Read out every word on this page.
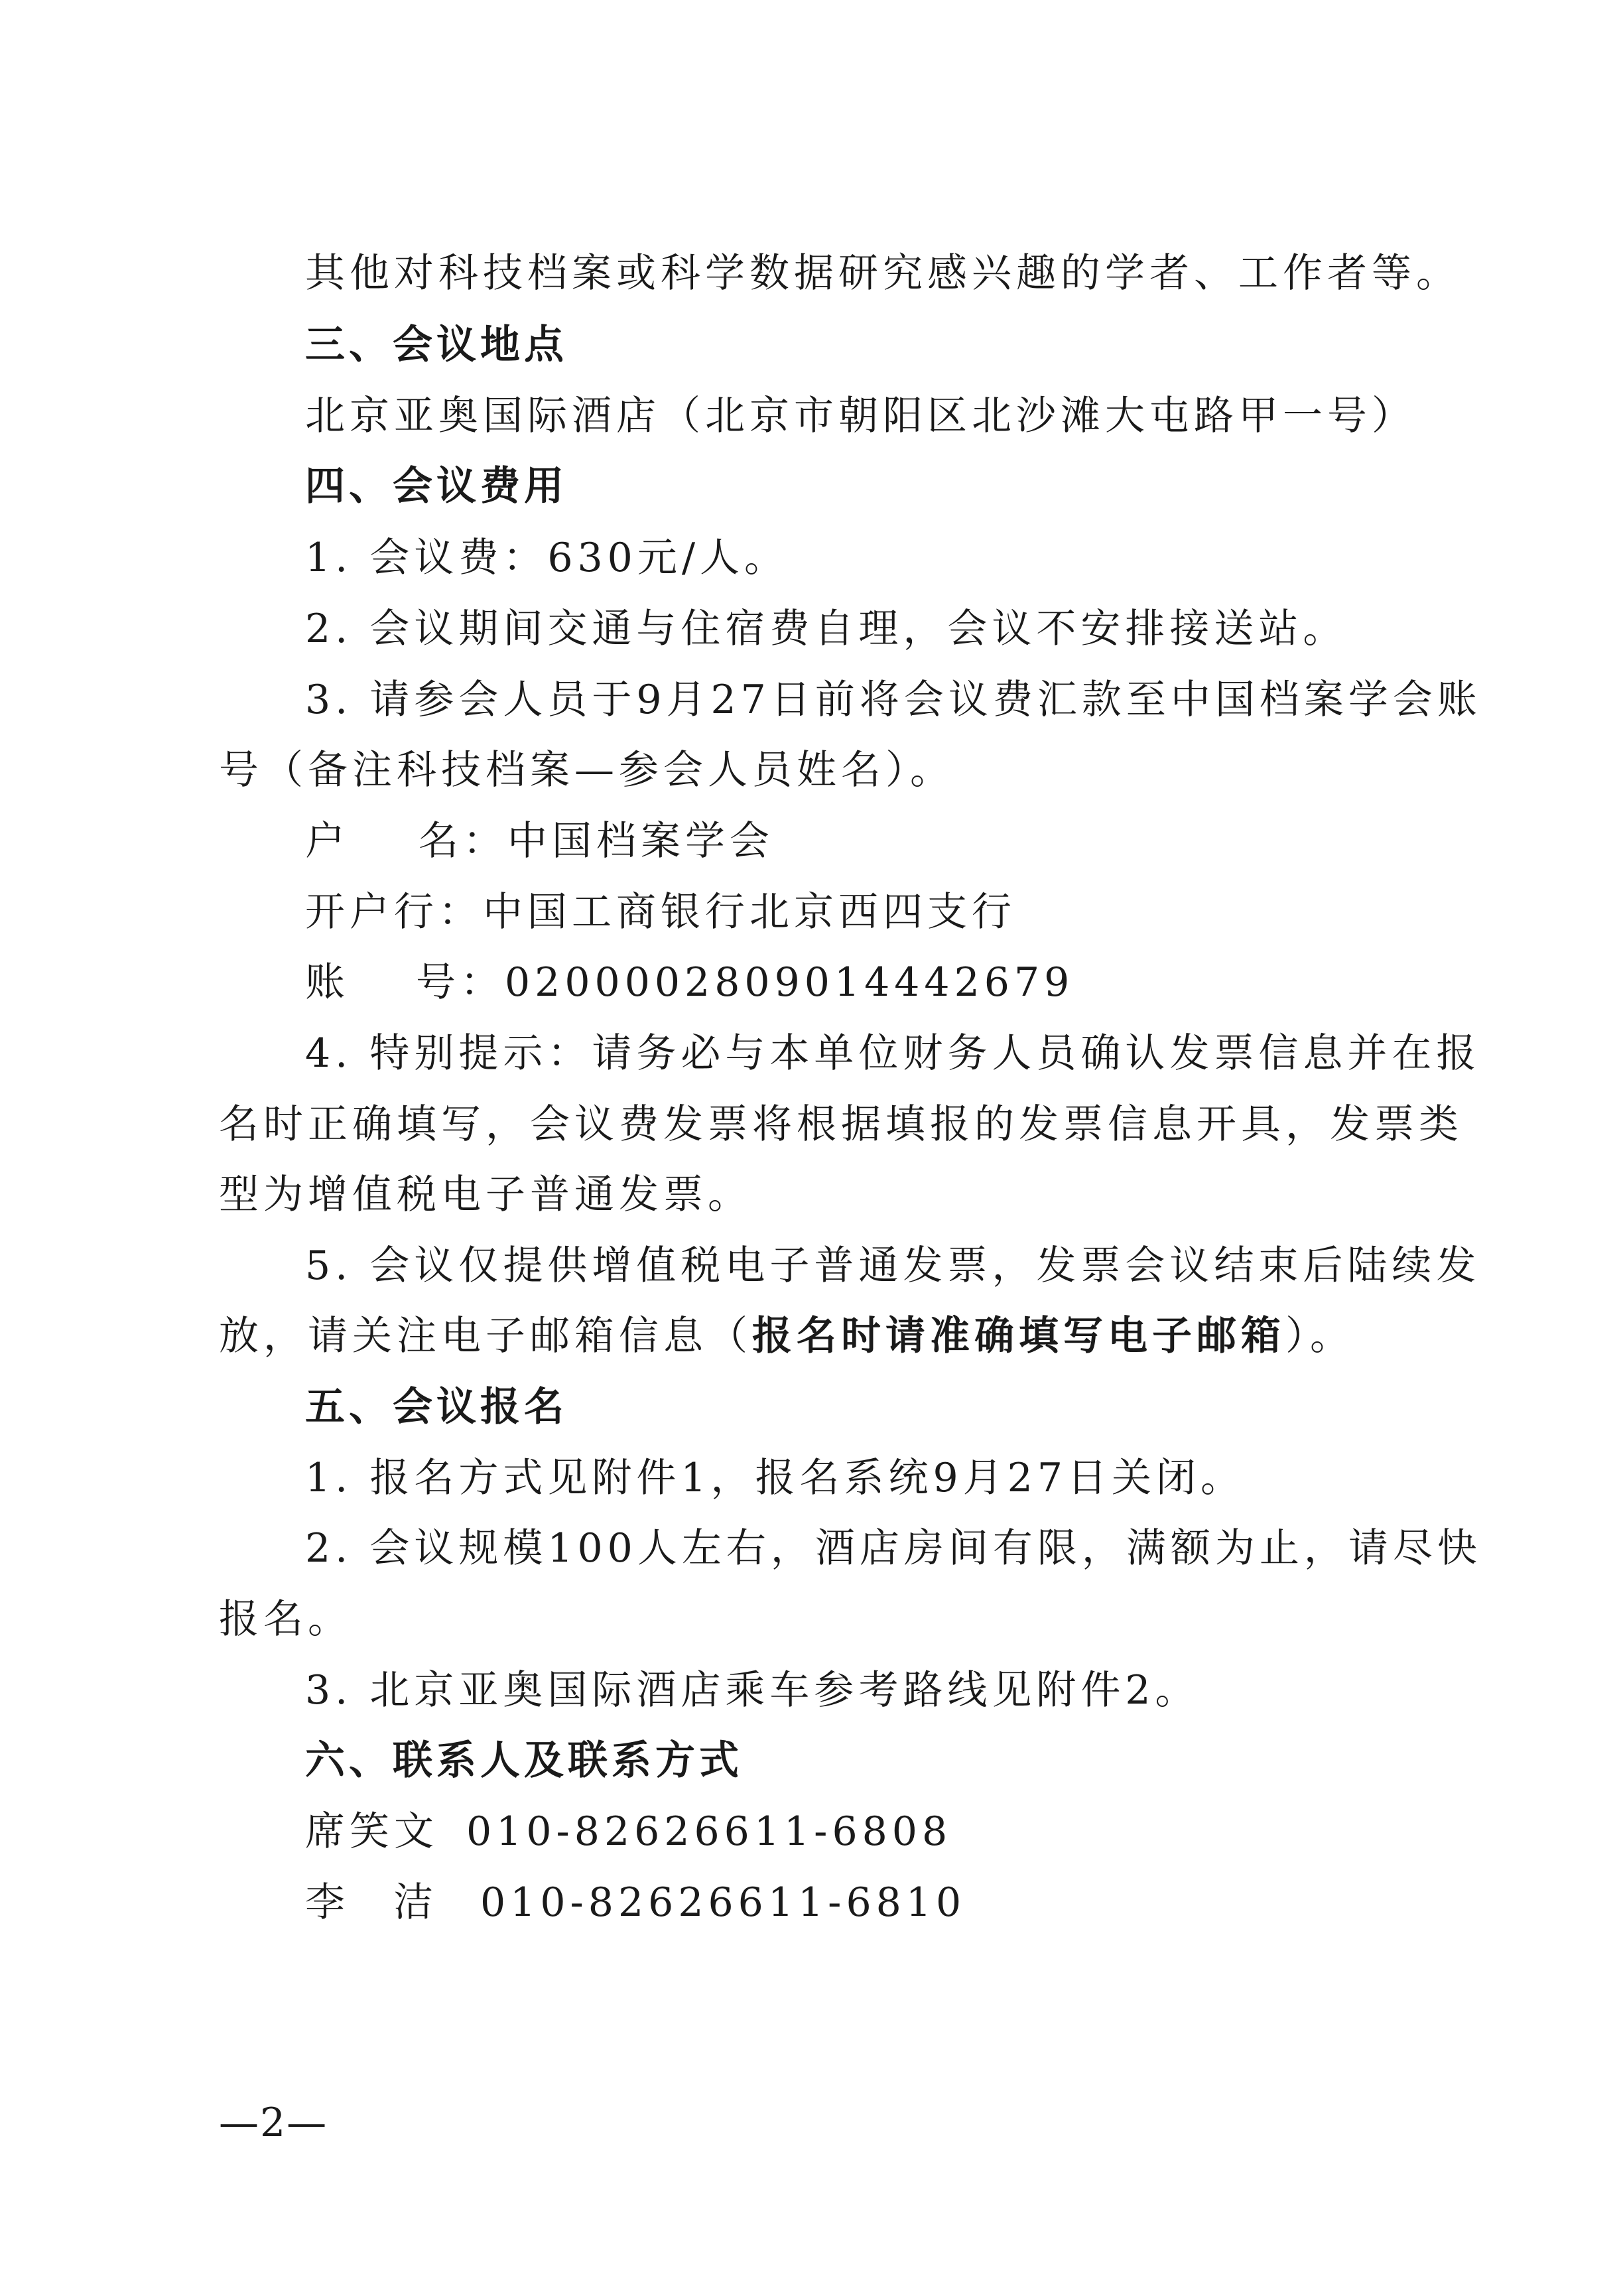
其他对科技档案或科学数据研究感兴趣的学者、工作者等。
三、会议地点
北京亚奥国际酒店（北京市朝阳区北沙滩大屯路甲一号）
四、会议费用
1. 会议费：630元/人。
2. 会议期间交通与住宿费自理，会议不安排接送站。
3. 请参会人员于9月27日前将会议费汇款至中国档案学会账
号（备注科技档案—参会人员姓名）。
户 名：中国档案学会
开户行：中国工商银行北京西四支行
账 号：0200002809014442679
4. 特别提示：请务必与本单位财务人员确认发票信息并在报
名时正确填写，会议费发票将根据填报的发票信息开具，发票类
型为增值税电子普通发票。
5. 会议仅提供增值税电子普通发票，发票会议结束后陆续发
放，请关注电子邮箱信息（报名时请准确填写电子邮箱）。
五、会议报名
1. 报名方式见附件1，报名系统9月27日关闭。
2. 会议规模100人左右，酒店房间有限，满额为止，请尽快
报名。
3. 北京亚奥国际酒店乘车参考路线见附件2。
六、联系人及联系方式
席笑文 010-82626611-6808
李 洁 010-82626611-6810
—2—
